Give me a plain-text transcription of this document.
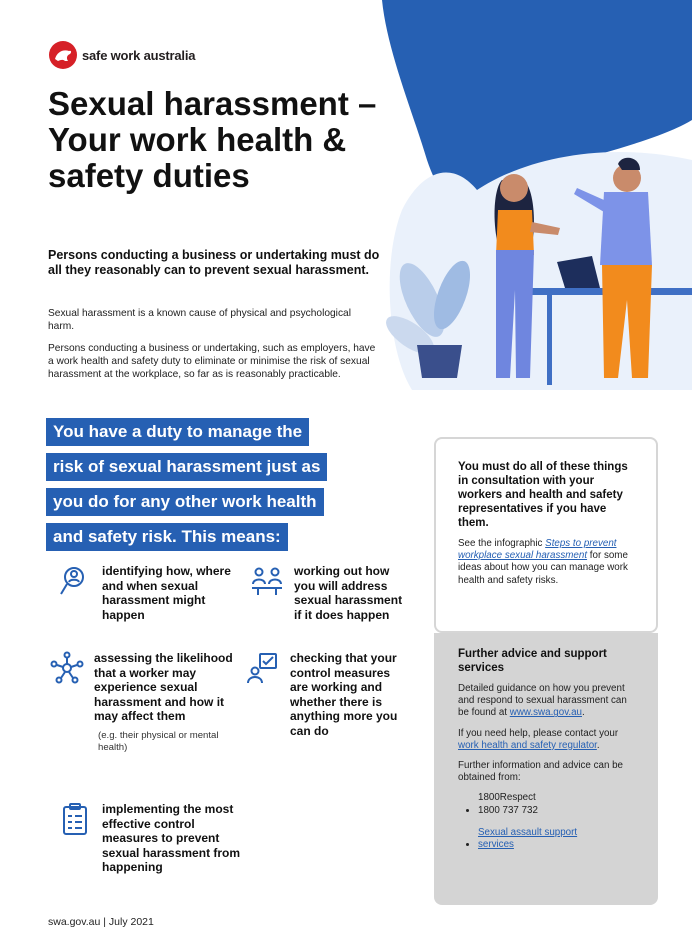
safe work australia
Sexual harassment – Your work health & safety duties

Persons conducting a business or undertaking must do all they reasonably can to prevent sexual harassment.

Sexual harassment is a known cause of physical and psychological harm.

Persons conducting a business or undertaking, such as employers, have a work health and safety duty to eliminate or minimise the risk of sexual harassment at the workplace, so far as is reasonably practicable.

You have a duty to manage the
risk of sexual harassment just as
you do for any other work health
and safety risk. This means:
identifying how, where and when sexual harassment might happen
working out how you will address sexual harassment if it does happen
assessing the likelihood that a worker may experience sexual harassment and how it may affect them
(e.g. their physical or mental health)
checking that your control measures are working and whether there is anything more you can do
implementing the most effective control measures to prevent sexual harassment from happening

You must do all of these things in consultation with your workers and health and safety representatives if you have them.

See the infographic Steps to prevent workplace sexual harassment for some ideas about how you can manage work health and safety risks.

Further advice and support services

Detailed guidance on how you prevent and respond to sexual harassment can be found at www.swa.gov.au.

If you need help, please contact your work health and safety regulator.

Further information and advice can be obtained from:

• 1800Respect 1800 737 732
• Sexual assault support services
swa.gov.au | July 2021
